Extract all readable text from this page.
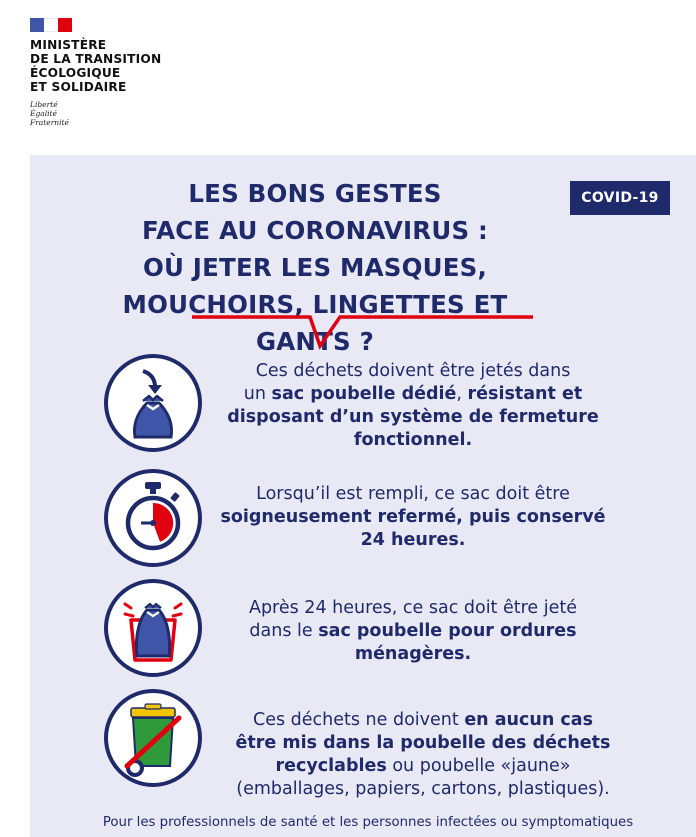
MINISTÈRE
DE LA TRANSITION
ÉCOLOGIQUE
ET SOLIDAIRE
Liberté
Égalité
Fraternité
COVID-19
LES BONS GESTES
FACE AU CORONAVIRUS :
OÙ JETER LES MASQUES,
MOUCHOIRS, LINGETTES ET GANTS ?
Ces déchets doivent être jetés dans
un sac poubelle dédié, résistant et
disposant d’un système de fermeture
fonctionnel.
Lorsqu’il est rempli, ce sac doit être
soigneusement refermé, puis conservé
24 heures.
Après 24 heures, ce sac doit être jeté
dans le sac poubelle pour ordures
ménagères.
Ces déchets ne doivent en aucun cas
être mis dans la poubelle des déchets
recyclables ou poubelle «jaune»
(emballages, papiers, cartons, plastiques).
Pour les professionnels de santé et les personnes infectées ou symptomatiques
